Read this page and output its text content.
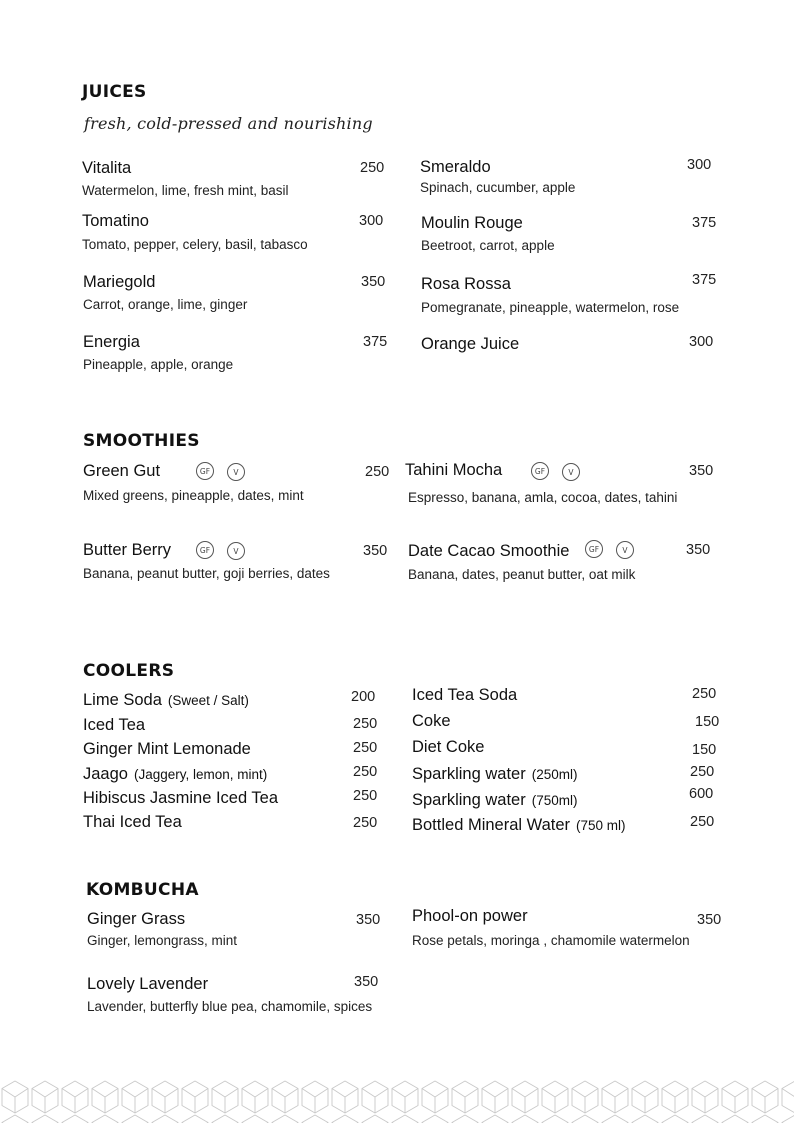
JUICES
fresh, cold-pressed and nourishing
Vitalita
Watermelon, lime, fresh mint, basil
250
Tomatino
Tomato, pepper, celery, basil, tabasco
300
Mariegold
Carrot, orange, lime, ginger
350
Energia
Pineapple, apple, orange
375
Smeraldo
Spinach, cucumber, apple
300
Moulin Rouge
Beetroot, carrot, apple
375
Rosa Rossa
Pomegranate, pineapple, watermelon, rose
375
Orange Juice	300
SMOOTHIES
Green Gut	GF	V
Mixed greens, pineapple, dates, mint
250
Butter Berry	GF	V
Banana, peanut butter, goji berries, dates
350
Tahini Mocha	GF	V
Espresso, banana, amla, cocoa, dates, tahini
350
Date Cacao Smoothie	GF	V
Banana, dates, peanut butter, oat milk
350
COOLERS
Lime Soda (Sweet / Salt)	200
Iced Tea	250
Ginger Mint Lemonade	250
Jaago (Jaggery, lemon, mint)	250
Hibiscus Jasmine Iced Tea	250
Thai Iced Tea	250
Iced Tea Soda	250
Coke	150
Diet Coke	150
Sparkling water (250ml)	250
Sparkling water (750ml)	600
Bottled Mineral Water (750 ml)	250
KOMBUCHA
Ginger Grass
Ginger, lemongrass, mint
350
Lovely Lavender
Lavender, butterfly blue pea, chamomile, spices
350
Phool-on power
Rose petals, moringa , chamomile watermelon
350
